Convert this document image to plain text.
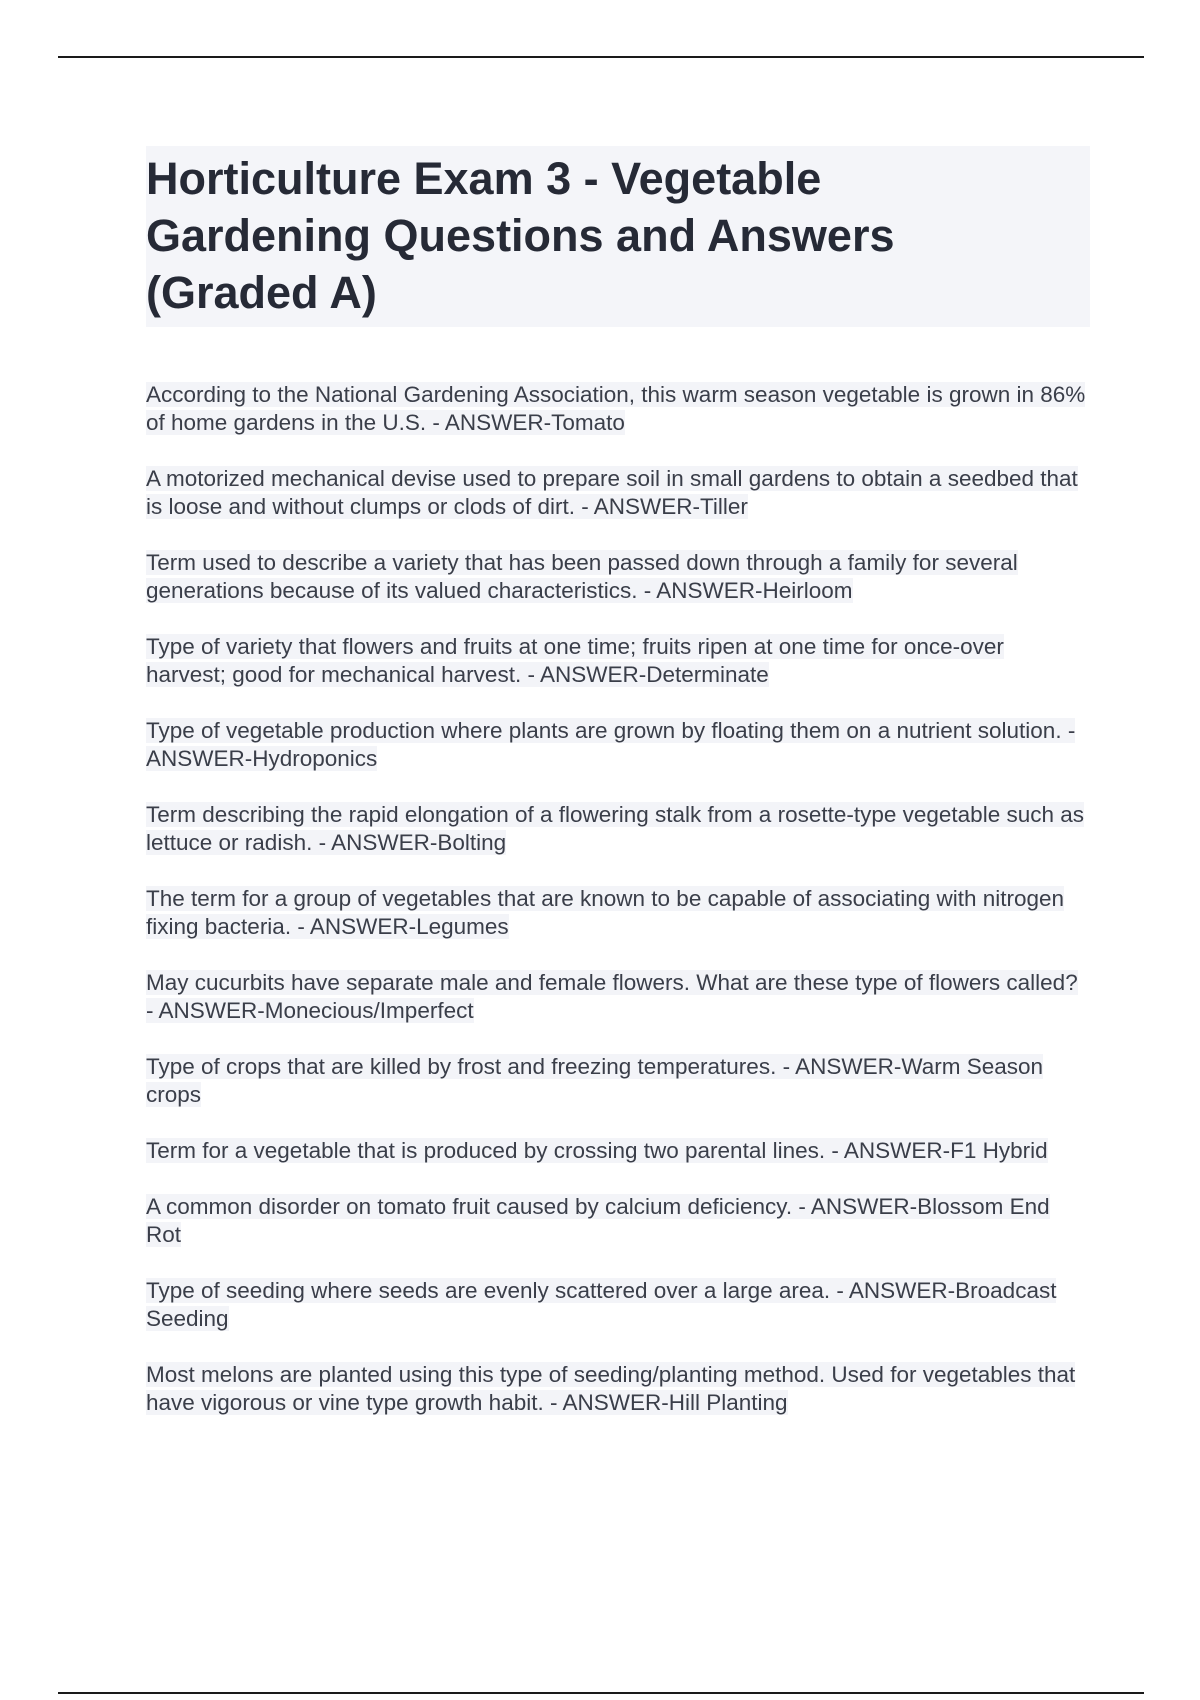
Horticulture Exam 3 - Vegetable Gardening Questions and Answers (Graded A)

According to the National Gardening Association, this warm season vegetable is grown in 86% of home gardens in the U.S. - ANSWER-Tomato

A motorized mechanical devise used to prepare soil in small gardens to obtain a seedbed that is loose and without clumps or clods of dirt. - ANSWER-Tiller

Term used to describe a variety that has been passed down through a family for several generations because of its valued characteristics. - ANSWER-Heirloom

Type of variety that flowers and fruits at one time; fruits ripen at one time for once-over harvest; good for mechanical harvest. - ANSWER-Determinate

Type of vegetable production where plants are grown by floating them on a nutrient solution. - ANSWER-Hydroponics

Term describing the rapid elongation of a flowering stalk from a rosette-type vegetable such as lettuce or radish. - ANSWER-Bolting

The term for a group of vegetables that are known to be capable of associating with nitrogen fixing bacteria. - ANSWER-Legumes

May cucurbits have separate male and female flowers. What are these type of flowers called? - ANSWER-Monecious/Imperfect

Type of crops that are killed by frost and freezing temperatures. - ANSWER-Warm Season crops

Term for a vegetable that is produced by crossing two parental lines. - ANSWER-F1 Hybrid

A common disorder on tomato fruit caused by calcium deficiency. - ANSWER-Blossom End Rot

Type of seeding where seeds are evenly scattered over a large area. - ANSWER-Broadcast Seeding

Most melons are planted using this type of seeding/planting method. Used for vegetables that have vigorous or vine type growth habit. - ANSWER-Hill Planting
